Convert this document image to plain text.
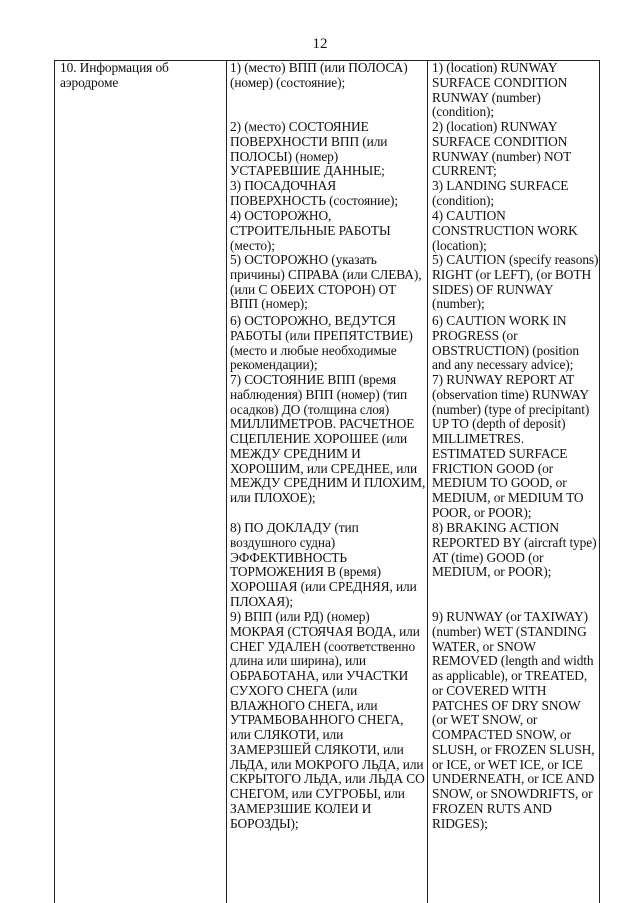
12
10. Информация об
аэродроме
1) (место) ВПП (или ПОЛОСА)
(номер) (состояние);
2) (место) СОСТОЯНИЕ
ПОВЕРХНОСТИ ВПП (или
ПОЛОСЫ) (номер)
УСТАРЕВШИЕ ДАННЫЕ;
3) ПОСАДОЧНАЯ
ПОВЕРХНОСТЬ (состояние);
4) ОСТОРОЖНО,
СТРОИТЕЛЬНЫЕ РАБОТЫ
(место);
5) ОСТОРОЖНО (указать
причины) СПРАВА (или СЛЕВА),
(или С ОБЕИХ СТОРОН) ОТ
ВПП (номер);
6) ОСТОРОЖНО, ВЕДУТСЯ
РАБОТЫ (или ПРЕПЯТСТВИЕ)
(место и любые необходимые
рекомендации);
7) СОСТОЯНИЕ ВПП (время
наблюдения) ВПП (номер) (тип
осадков) ДО (толщина слоя)
МИЛЛИМЕТРОВ. РАСЧЕТНОЕ
СЦЕПЛЕНИЕ ХОРОШЕЕ (или
МЕЖДУ СРЕДНИМ И
ХОРОШИМ, или СРЕДНЕЕ, или
МЕЖДУ СРЕДНИМ И ПЛОХИМ,
или ПЛОХОЕ);
8) ПО ДОКЛАДУ (тип
воздушного судна)
ЭФФЕКТИВНОСТЬ
ТОРМОЖЕНИЯ В (время)
ХОРОШАЯ (или СРЕДНЯЯ, или
ПЛОХАЯ);
9) ВПП (или РД) (номер)
МОКРАЯ (СТОЯЧАЯ ВОДА, или
СНЕГ УДАЛЕН (соответственно
длина или ширина), или
ОБРАБОТАНА, или УЧАСТКИ
СУХОГО СНЕГА (или
ВЛАЖНОГО СНЕГА, или
УТРАМБОВАННОГО СНЕГА,
или СЛЯКОТИ, или
ЗАМЕРЗШЕЙ СЛЯКОТИ, или
ЛЬДА, или МОКРОГО ЛЬДА, или
СКРЫТОГО ЛЬДА, или ЛЬДА СО
СНЕГОМ, или СУГРОБЫ, или
ЗАМЕРЗШИЕ КОЛЕИ И
БОРОЗДЫ);
1) (location) RUNWAY
SURFACE CONDITION
RUNWAY (number)
(condition);
2) (location) RUNWAY
SURFACE CONDITION
RUNWAY (number) NOT
CURRENT;
3) LANDING SURFACE
(condition);
4) CAUTION
CONSTRUCTION WORK
(location);
5) CAUTION (specify reasons)
RIGHT (or LEFT), (or BOTH
SIDES) OF RUNWAY
(number);
6) CAUTION WORK IN
PROGRESS (or
OBSTRUCTION) (position
and any necessary advice);
7) RUNWAY REPORT AT
(observation time) RUNWAY
(number) (type of precipitant)
UP TO (depth of deposit)
MILLIMETRES.
ESTIMATED SURFACE
FRICTION GOOD (or
MEDIUM TO GOOD, or
MEDIUM, or MEDIUM TO
POOR, or POOR);
8) BRAKING ACTION
REPORTED BY (aircraft type)
AT (time) GOOD (or
MEDIUM, or POOR);
9) RUNWAY (or TAXIWAY)
(number) WET (STANDING
WATER, or SNOW
REMOVED (length and width
as applicable), or TREATED,
or COVERED WITH
PATCHES OF DRY SNOW
(or WET SNOW, or
COMPACTED SNOW, or
SLUSH, or FROZEN SLUSH,
or ICE, or WET ICE, or ICE
UNDERNEATH, or ICE AND
SNOW, or SNOWDRIFTS, or
FROZEN RUTS AND
RIDGES);
